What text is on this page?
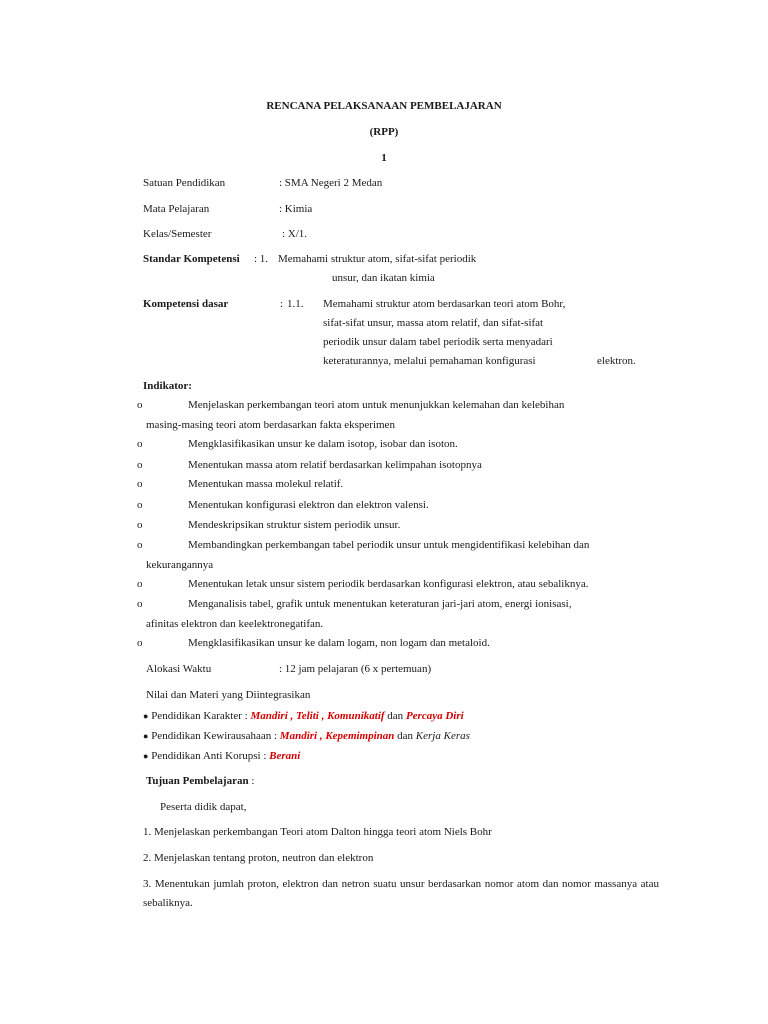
RENCANA PELAKSANAAN PEMBELAJARAN
(RPP)
1
Satuan Pendidikan	: SMA Negeri 2 Medan
Mata Pelajaran	: Kimia
Kelas/Semester	: X/1.
Standar Kompetensi : 1. Memahami struktur atom, sifat-sifat periodik
unsur, dan ikatan kimia
Kompetensi dasar	: 1.1. Memahami struktur atom berdasarkan teori atom Bohr,
sifat-sifat unsur, massa atom relatif, dan sifat-sifat
periodik unsur dalam tabel periodik serta menyadari
keteraturannya, melalui pemahaman konfigurasi	elektron.
Indikator:
o	Menjelaskan perkembangan teori atom untuk menunjukkan kelemahan dan kelebihan
masing-masing teori atom berdasarkan fakta eksperimen
o	Mengklasifikasikan unsur ke dalam isotop, isobar dan isoton.
o	Menentukan massa atom relatif berdasarkan kelimpahan isotopnya
o	Menentukan massa molekul relatif.
o	Menentukan konfigurasi elektron dan elektron valensi.
o	Mendeskripsikan struktur sistem periodik unsur.
o	Membandingkan perkembangan tabel periodik unsur untuk mengidentifikasi kelebihan dan
kekurangannya
o	Menentukan letak unsur sistem periodik berdasarkan konfigurasi elektron, atau sebaliknya.
o	Menganalisis tabel, grafik untuk menentukan keteraturan jari-jari atom, energi ionisasi,
afinitas elektron dan keelektronegatifan.
o	Mengklasifikasikan unsur ke dalam logam, non logam dan metaloid.
Alokasi Waktu	: 12 jam pelajaran (6 x pertemuan)
Nilai dan Materi yang Diintegrasikan
● Pendidikan Karakter : Mandiri , Teliti , Komunikatif dan Percaya Diri
● Pendidikan Kewirausahaan : Mandiri , Kepemimpinan dan Kerja Keras
● Pendidikan Anti Korupsi : Berani
Tujuan Pembelajaran :
Peserta didik dapat,
1. Menjelaskan perkembangan Teori atom Dalton hingga teori atom Niels Bohr
2. Menjelaskan tentang proton, neutron dan elektron
3. Menentukan jumlah proton, elektron dan netron suatu unsur berdasarkan nomor atom dan nomor massanya atau sebaliknya.
